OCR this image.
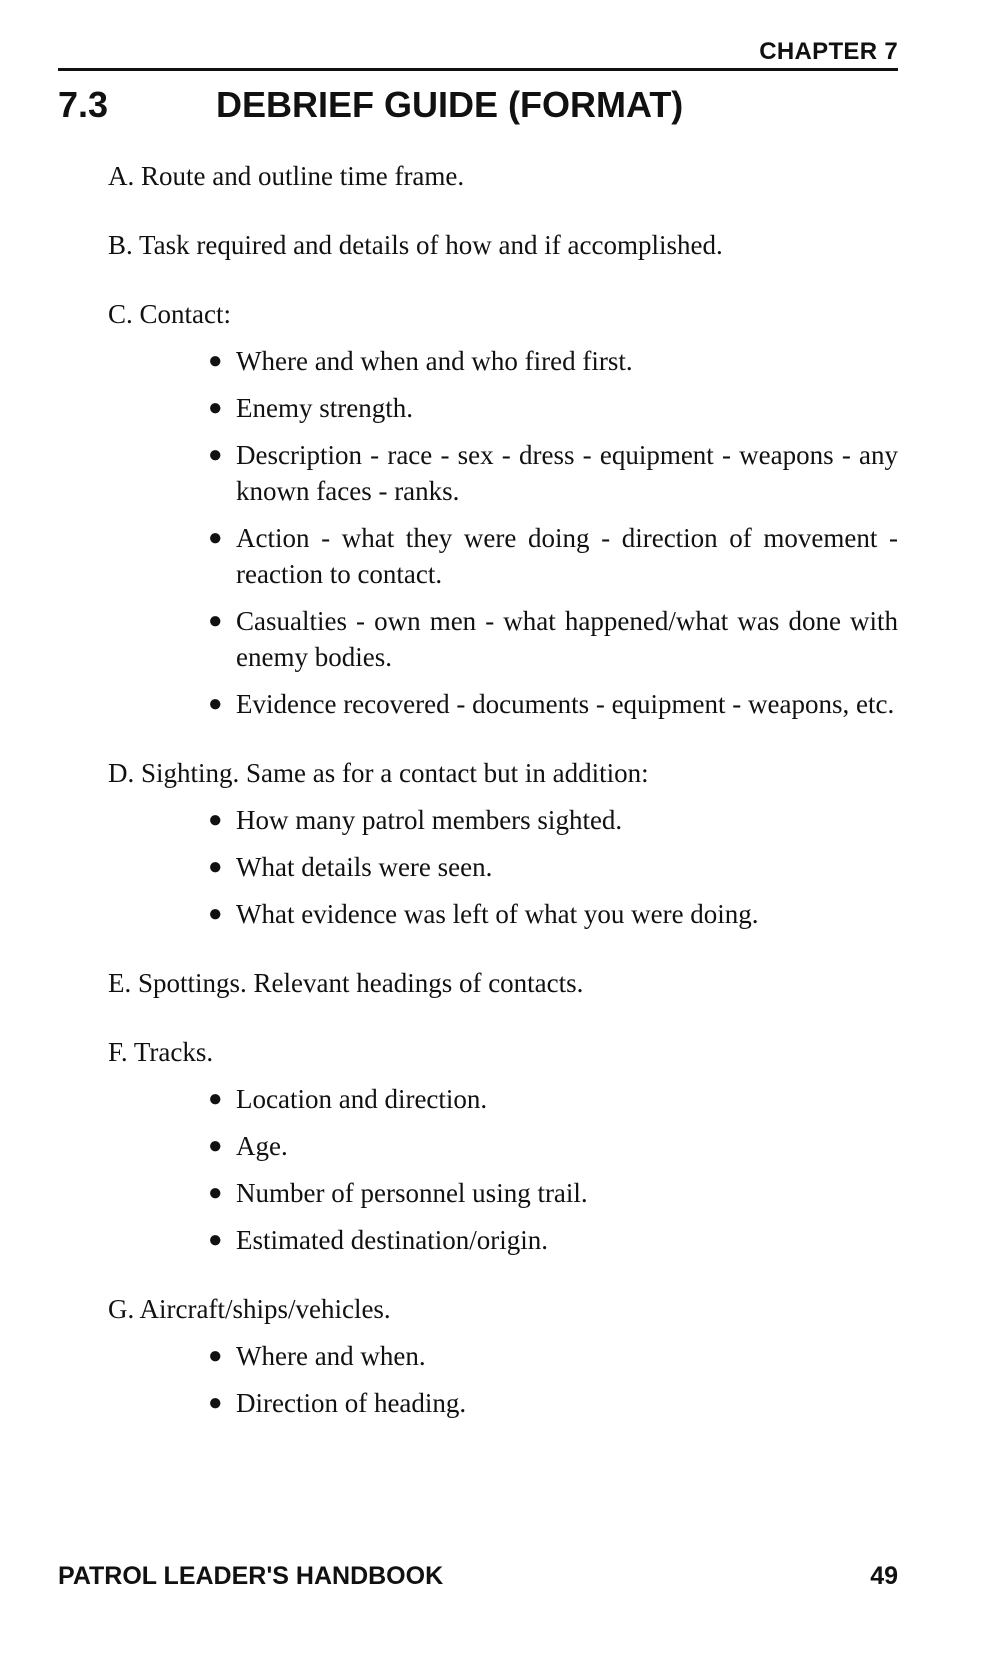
CHAPTER 7
7.3	DEBRIEF GUIDE (FORMAT)
A. Route and outline time frame.
B. Task required and details of how and if accomplished.
C. Contact:
● Where and when and who fired first.
● Enemy strength.
● Description - race - sex - dress - equipment - weapons - any known faces - ranks.
● Action - what they were doing - direction of movement - reaction to contact.
● Casualties - own men - what happened/what was done with enemy bodies.
● Evidence recovered - documents - equipment - weapons, etc.
D. Sighting. Same as for a contact but in addition:
● How many patrol members sighted.
● What details were seen.
● What evidence was left of what you were doing.
E. Spottings. Relevant headings of contacts.
F. Tracks.
● Location and direction.
● Age.
● Number of personnel using trail.
● Estimated destination/origin.
G. Aircraft/ships/vehicles.
● Where and when.
● Direction of heading.
PATROL LEADER'S HANDBOOK	49
